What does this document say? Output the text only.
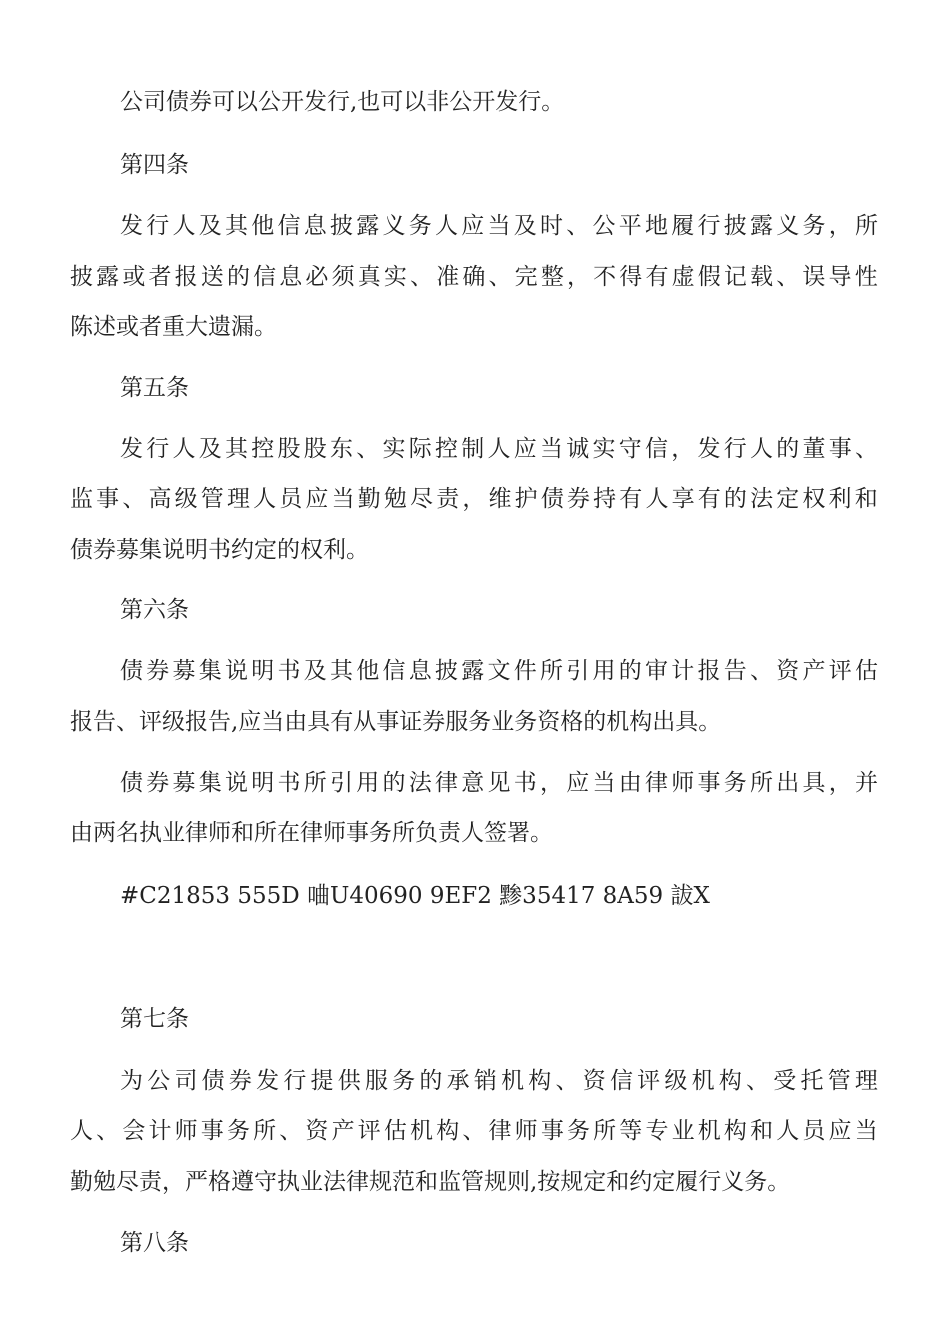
公司债券可以公开发行,也可以非公开发行。
第四条
发 行 人 及 其 他 信 息 披 露 义 务 人 应 当 及 时 、 公 平 地 履 行 披 露 义 务 ， 所
披 露 或 者 报 送 的 信 息 必 须 真 实 、 准 确 、 完 整 ， 不 得 有 虚 假 记 载 、 误 导 性
陈述或者重大遗漏。
第五条
发 行 人 及 其 控 股 股 东 、 实 际 控 制 人 应 当 诚 实 守 信 ， 发 行 人 的 董 事 、
监 事 、 高 级 管 理 人 员 应 当 勤 勉 尽 责 ， 维 护 债 券 持 有 人 享 有 的 法 定 权 利 和
债券募集说明书约定的权利。
第六条
债 券 募 集 说 明 书 及 其 他 信 息 披 露 文 件 所 引 用 的 审 计 报 告 、 资 产 评 估
报告、评级报告,应当由具有从事证券服务业务资格的机构出具。
债 券 募 集 说 明 书 所 引 用 的 法 律 意 见 书 ， 应 当 由 律 师 事 务 所 出 具 ， 并
由两名执业律师和所在律师事务所负责人签署。
#C21853 555D 㖆U40690 9EF2 黪35417 8A59 詙X
第七条
为 公 司 债 券 发 行 提 供 服 务 的 承 销 机 构 、 资 信 评 级 机 构 、 受 托 管 理
人 、 会 计 师 事 务 所 、 资 产 评 估 机 构 、 律 师 事 务 所 等 专 业 机 构 和 人 员 应 当
勤勉尽责，严格遵守执业法律规范和监管规则,按规定和约定履行义务。
第八条
